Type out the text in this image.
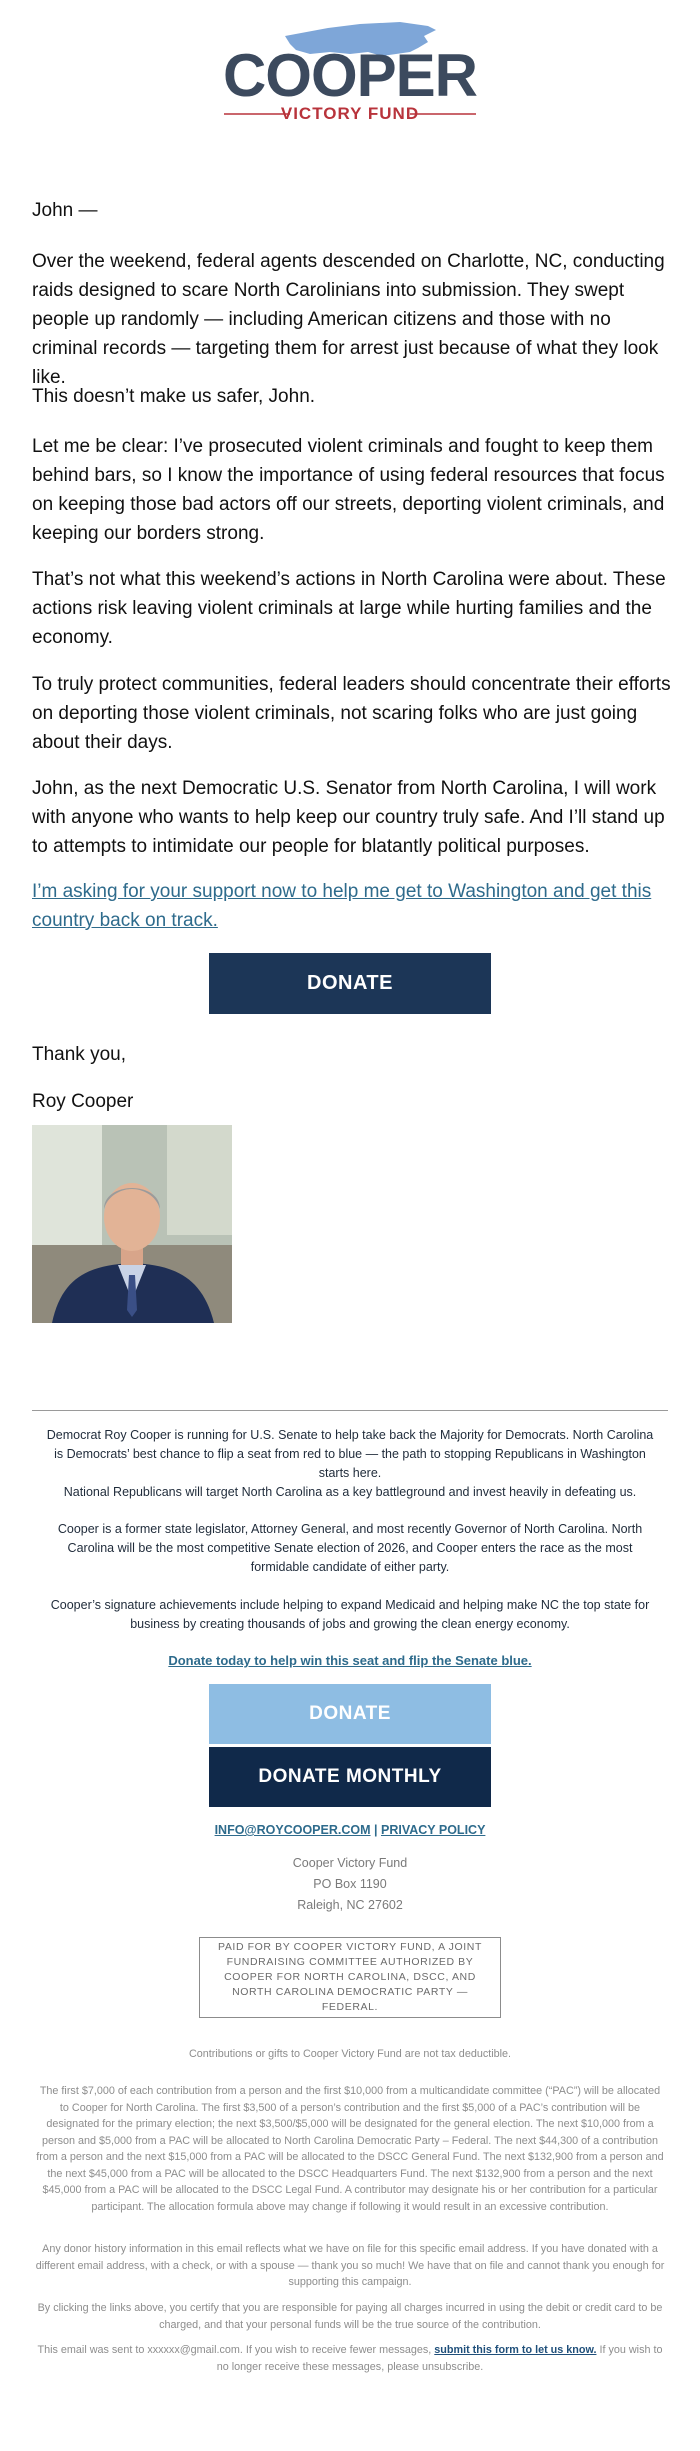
COOPER
VICTORY FUND

John —

Over the weekend, federal agents descended on Charlotte, NC, conducting raids designed to scare North Carolinians into submission. They swept people up randomly — including American citizens and those with no criminal records — targeting them for arrest just because of what they look like.

This doesn’t make us safer, John.

Let me be clear: I’ve prosecuted violent criminals and fought to keep them behind bars, so I know the importance of using federal resources that focus on keeping those bad actors off our streets, deporting violent criminals, and keeping our borders strong.

That’s not what this weekend’s actions in North Carolina were about. These actions risk leaving violent criminals at large while hurting families and the economy.

To truly protect communities, federal leaders should concentrate their efforts on deporting those violent criminals, not scaring folks who are just going about their days.

John, as the next Democratic U.S. Senator from North Carolina, I will work with anyone who wants to help keep our country truly safe. And I’ll stand up to attempts to intimidate our people for blatantly political purposes.

I’m asking for your support now to help me get to Washington and get this country back on track.
DONATE

Thank you,

Roy Cooper

Democrat Roy Cooper is running for U.S. Senate to help take back the Majority for Democrats. North Carolina is Democrats’ best chance to flip a seat from red to blue — the path to stopping Republicans in Washington starts here.

National Republicans will target North Carolina as a key battleground and invest heavily in defeating us.

Cooper is a former state legislator, Attorney General, and most recently Governor of North Carolina. North Carolina will be the most competitive Senate election of 2026, and Cooper enters the race as the most formidable candidate of either party.

Cooper’s signature achievements include helping to expand Medicaid and helping make NC the top state for business by creating thousands of jobs and growing the clean energy economy.

Donate today to help win this seat and flip the Senate blue.
DONATE
DONATE MONTHLY
INFO@ROYCOOPER.COM | PRIVACY POLICY
Cooper Victory Fund
PO Box 1190
Raleigh, NC 27602
PAID FOR BY COOPER VICTORY FUND, A JOINT FUNDRAISING COMMITTEE AUTHORIZED BY COOPER FOR NORTH CAROLINA, DSCC, AND NORTH CAROLINA DEMOCRATIC PARTY — FEDERAL.
Contributions or gifts to Cooper Victory Fund are not tax deductible.
The first $7,000 of each contribution from a person and the first $10,000 from a multicandidate committee (“PAC”) will be allocated to Cooper for North Carolina. The first $3,500 of a person’s contribution and the first $5,000 of a PAC’s contribution will be designated for the primary election; the next $3,500/$5,000 will be designated for the general election. The next $10,000 from a person and $5,000 from a PAC will be allocated to North Carolina Democratic Party – Federal. The next $44,300 of a contribution from a person and the next $15,000 from a PAC will be allocated to the DSCC General Fund. The next $132,900 from a person and the next $45,000 from a PAC will be allocated to the DSCC Headquarters Fund. The next $132,900 from a person and the next $45,000 from a PAC will be allocated to the DSCC Legal Fund. A contributor may designate his or her contribution for a particular participant. The allocation formula above may change if following it would result in an excessive contribution.
Any donor history information in this email reflects what we have on file for this specific email address. If you have donated with a different email address, with a check, or with a spouse — thank you so much! We have that on file and cannot thank you enough for supporting this campaign.
By clicking the links above, you certify that you are responsible for paying all charges incurred in using the debit or credit card to be charged, and that your personal funds will be the true source of the contribution.
This email was sent to xxxxxx@gmail.com. If you wish to receive fewer messages, submit this form to let us know. If you wish to no longer receive these messages, please unsubscribe.
